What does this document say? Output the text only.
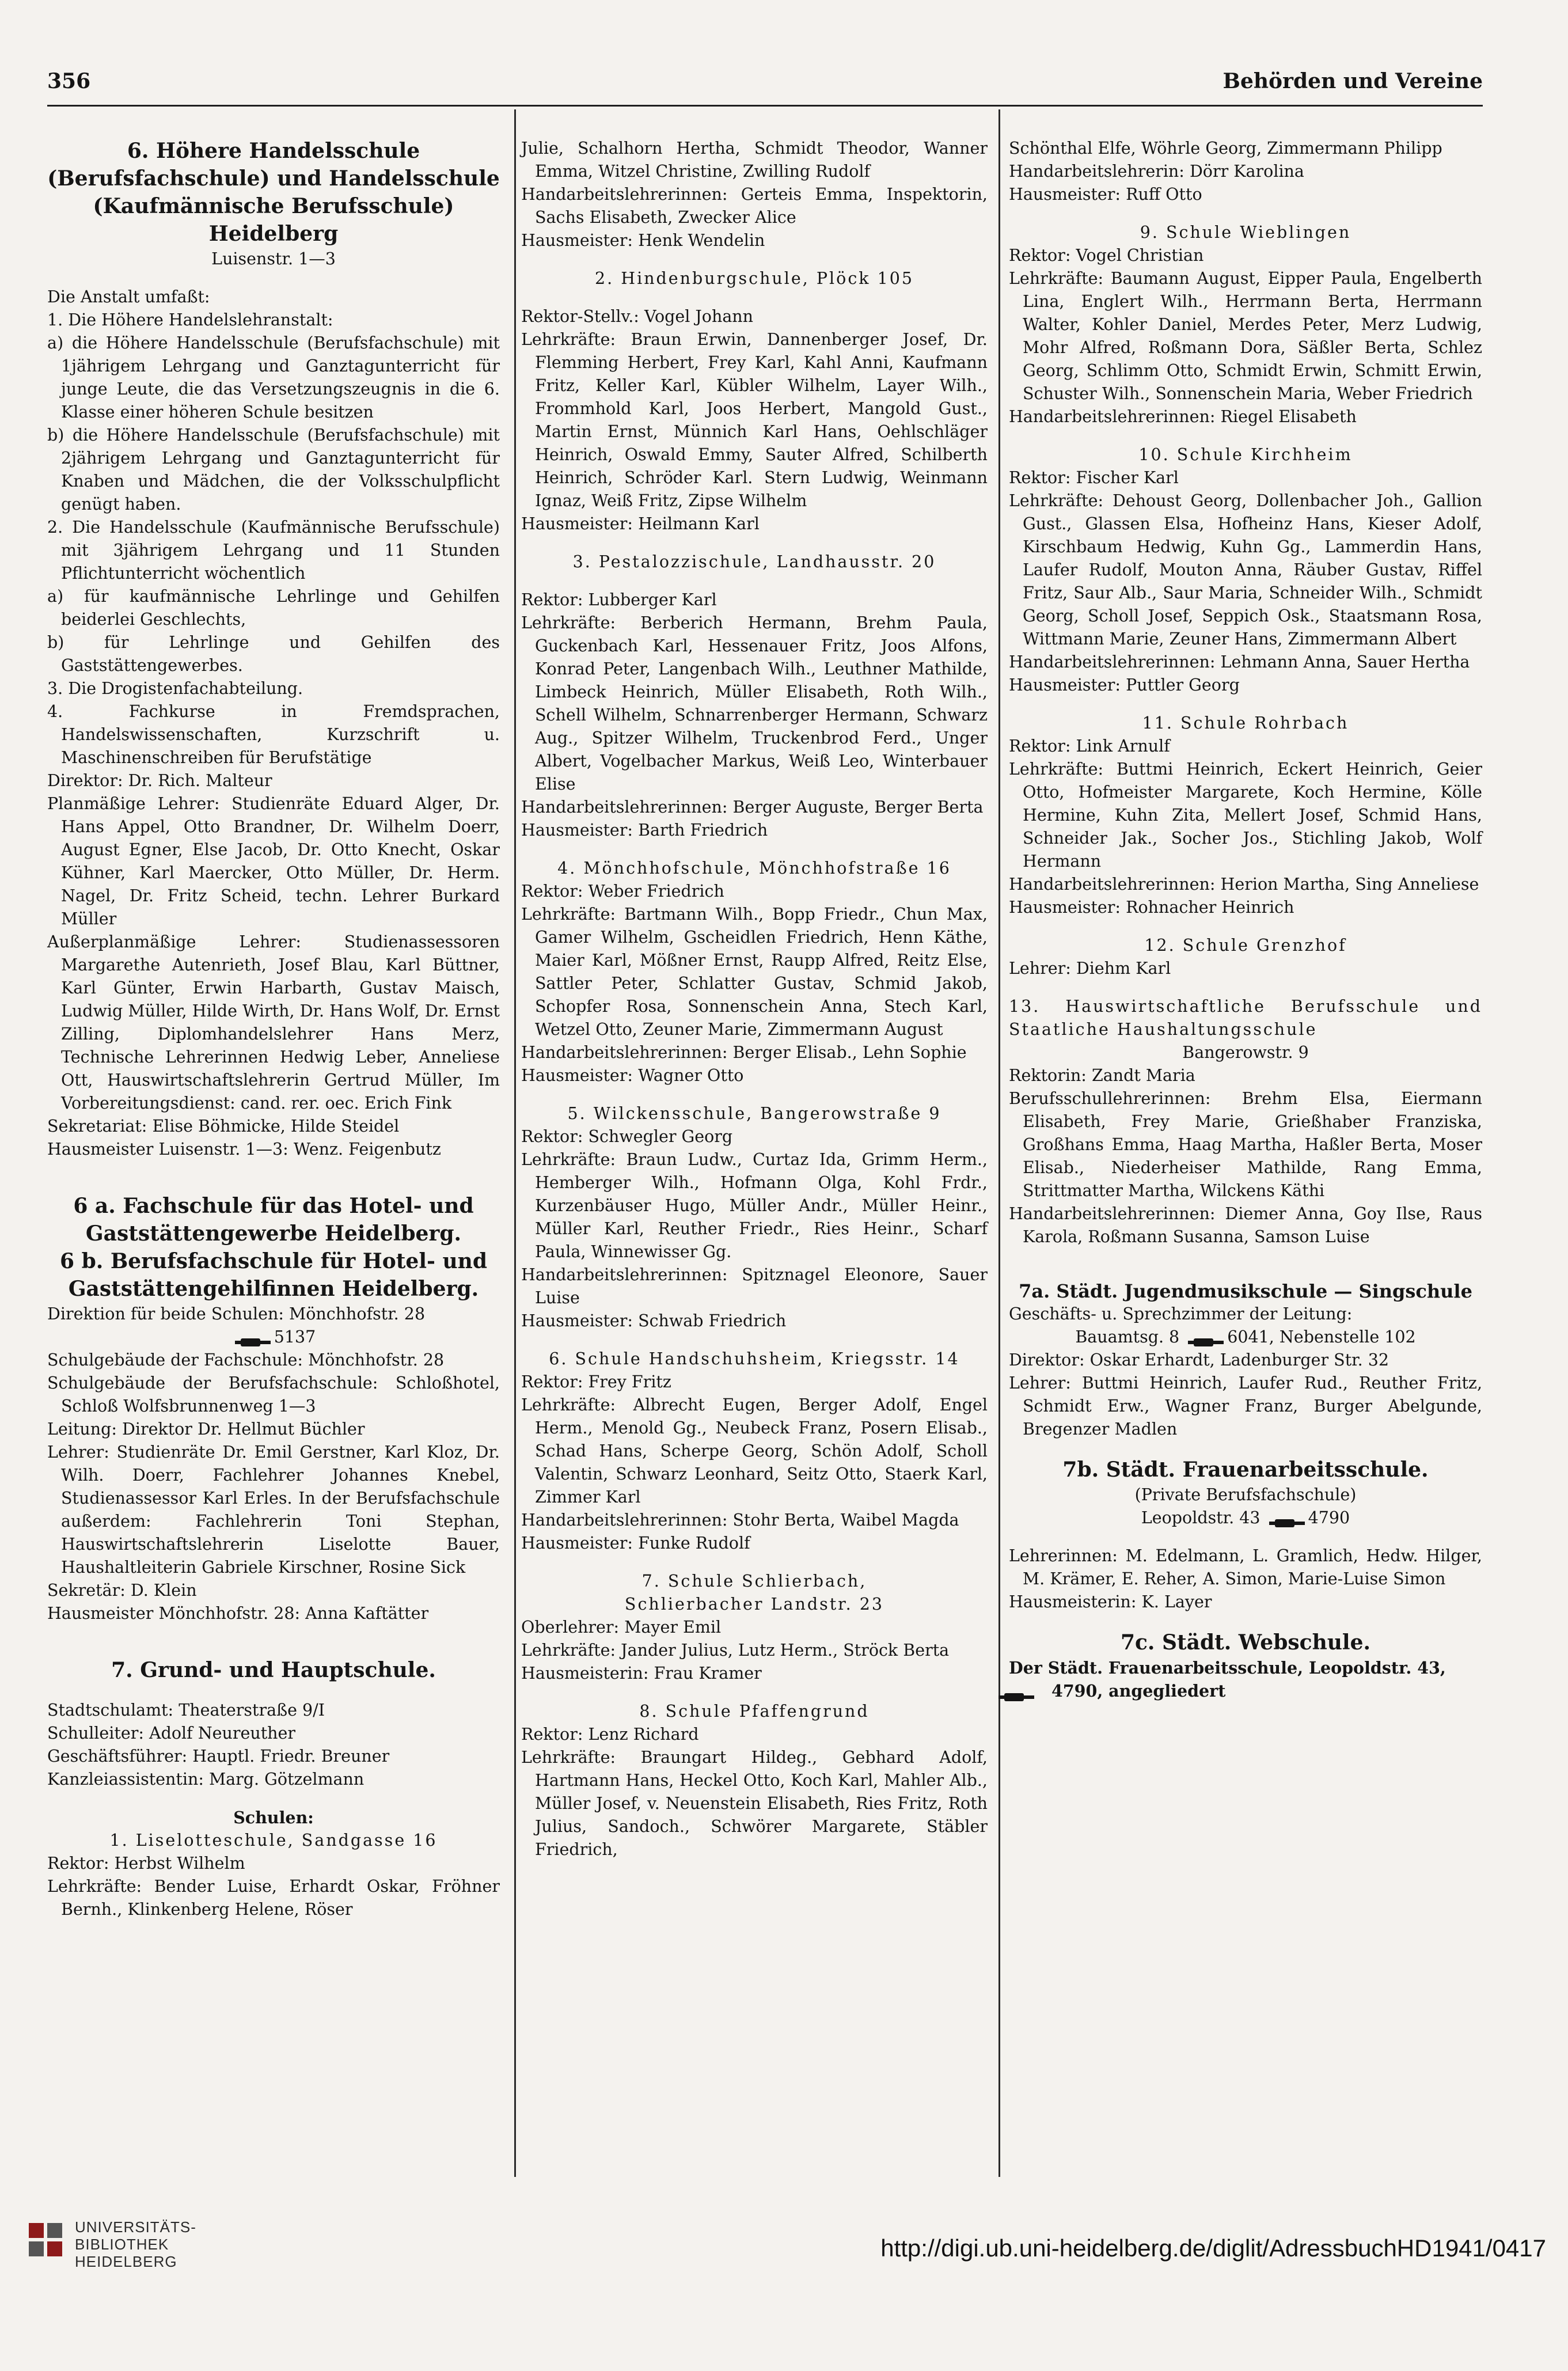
356	Behörden und Vereine

6. Höhere Handelsschule (Berufsfachschule) und Handelsschule (Kaufmännische Berufsschule) Heidelberg

Luisenstr. 1—3

Die Anstalt umfaßt:

1. Die Höhere Handelslehranstalt:

a) die Höhere Handelsschule (Berufsfachschule) mit 1jährigem Lehrgang und Ganztagunterricht für junge Leute, die das Versetzungszeugnis in die 6. Klasse einer höheren Schule besitzen

b) die Höhere Handelsschule (Berufsfachschule) mit 2jährigem Lehrgang und Ganztagunterricht für Knaben und Mädchen, die der Volksschulpflicht genügt haben.

2. Die Handelsschule (Kaufmännische Berufsschule) mit 3jährigem Lehrgang und 11 Stunden Pflichtunterricht wöchentlich

a) für kaufmännische Lehrlinge und Gehilfen beiderlei Geschlechts,

b) für Lehrlinge und Gehilfen des Gaststättengewerbes.

3. Die Drogistenfachabteilung.

4. Fachkurse in Fremdsprachen, Handelswissenschaften, Kurzschrift u. Maschinenschreiben für Berufstätige

Direktor: Dr. Rich. Malteur

Planmäßige Lehrer: Studienräte Eduard Alger, Dr. Hans Appel, Otto Brandner, Dr. Wilhelm Doerr, August Egner, Else Jacob, Dr. Otto Knecht, Oskar Kühner, Karl Maercker, Otto Müller, Dr. Herm. Nagel, Dr. Fritz Scheid, techn. Lehrer Burkard Müller

Außerplanmäßige Lehrer: Studienassessoren Margarethe Autenrieth, Josef Blau, Karl Büttner, Karl Günter, Erwin Harbarth, Gustav Maisch, Ludwig Müller, Hilde Wirth, Dr. Hans Wolf, Dr. Ernst Zilling, Diplomhandelslehrer Hans Merz, Technische Lehrerinnen Hedwig Leber, Anneliese Ott, Hauswirtschaftslehrerin Gertrud Müller, Im Vorbereitungsdienst: cand. rer. oec. Erich Fink

Sekretariat: Elise Böhmicke, Hilde Steidel

Hausmeister Luisenstr. 1—3: Wenz. Feigenbutz

6 a. Fachschule für das Hotel- und Gaststättengewerbe Heidelberg.

6 b. Berufsfachschule für Hotel- und Gaststättengehilfinnen Heidelberg.

Direktion für beide Schulen: Mönchhofstr. 28

5137

Schulgebäude der Fachschule: Mönchhofstr. 28

Schulgebäude der Berufsfachschule: Schloßhotel, Schloß Wolfsbrunnenweg 1—3

Leitung: Direktor Dr. Hellmut Büchler

Lehrer: Studienräte Dr. Emil Gerstner, Karl Kloz, Dr. Wilh. Doerr, Fachlehrer Johannes Knebel, Studienassessor Karl Erles. In der Berufsfachschule außerdem: Fachlehrerin Toni Stephan, Hauswirtschaftslehrerin Liselotte Bauer, Haushaltleiterin Gabriele Kirschner, Rosine Sick

Sekretär: D. Klein

Hausmeister Mönchhofstr. 28: Anna Kaftätter

7. Grund- und Hauptschule.

Stadtschulamt: Theaterstraße 9/I

Schulleiter: Adolf Neureuther

Geschäftsführer: Hauptl. Friedr. Breuner

Kanzleiassistentin: Marg. Götzelmann

Schulen:

1. Liselotteschule, Sandgasse 16

Rektor: Herbst Wilhelm

Lehrkräfte: Bender Luise, Erhardt Oskar, Fröhner Bernh., Klinkenberg Helene, Röser

Julie, Schalhorn Hertha, Schmidt Theodor, Wanner Emma, Witzel Christine, Zwilling Rudolf

Handarbeitslehrerinnen: Gerteis Emma, Inspektorin, Sachs Elisabeth, Zwecker Alice

Hausmeister: Henk Wendelin

2. Hindenburgschule, Plöck 105

Rektor-Stellv.: Vogel Johann

Lehrkräfte: Braun Erwin, Dannenberger Josef, Dr. Flemming Herbert, Frey Karl, Kahl Anni, Kaufmann Fritz, Keller Karl, Kübler Wilhelm, Layer Wilh., Frommhold Karl, Joos Herbert, Mangold Gust., Martin Ernst, Münnich Karl Hans, Oehlschläger Heinrich, Oswald Emmy, Sauter Alfred, Schilberth Heinrich, Schröder Karl. Stern Ludwig, Weinmann Ignaz, Weiß Fritz, Zipse Wilhelm

Hausmeister: Heilmann Karl

3. Pestalozzischule, Landhausstr. 20

Rektor: Lubberger Karl

Lehrkräfte: Berberich Hermann, Brehm Paula, Guckenbach Karl, Hessenauer Fritz, Joos Alfons, Konrad Peter, Langenbach Wilh., Leuthner Mathilde, Limbeck Heinrich, Müller Elisabeth, Roth Wilh., Schell Wilhelm, Schnarrenberger Hermann, Schwarz Aug., Spitzer Wilhelm, Truckenbrod Ferd., Unger Albert, Vogelbacher Markus, Weiß Leo, Winterbauer Elise

Handarbeitslehrerinnen: Berger Auguste, Berger Berta

Hausmeister: Barth Friedrich

4. Mönchhofschule, Mönchhofstraße 16

Rektor: Weber Friedrich

Lehrkräfte: Bartmann Wilh., Bopp Friedr., Chun Max, Gamer Wilhelm, Gscheidlen Friedrich, Henn Käthe, Maier Karl, Mößner Ernst, Raupp Alfred, Reitz Else, Sattler Peter, Schlatter Gustav, Schmid Jakob, Schopfer Rosa, Sonnenschein Anna, Stech Karl, Wetzel Otto, Zeuner Marie, Zimmermann August

Handarbeitslehrerinnen: Berger Elisab., Lehn Sophie

Hausmeister: Wagner Otto

5. Wilckensschule, Bangerowstraße 9

Rektor: Schwegler Georg

Lehrkräfte: Braun Ludw., Curtaz Ida, Grimm Herm., Hemberger Wilh., Hofmann Olga, Kohl Frdr., Kurzenbäuser Hugo, Müller Andr., Müller Heinr., Müller Karl, Reuther Friedr., Ries Heinr., Scharf Paula, Winnewisser Gg.

Handarbeitslehrerinnen: Spitznagel Eleonore, Sauer Luise

Hausmeister: Schwab Friedrich

6. Schule Handschuhsheim, Kriegsstr. 14

Rektor: Frey Fritz

Lehrkräfte: Albrecht Eugen, Berger Adolf, Engel Herm., Menold Gg., Neubeck Franz, Posern Elisab., Schad Hans, Scherpe Georg, Schön Adolf, Scholl Valentin, Schwarz Leonhard, Seitz Otto, Staerk Karl, Zimmer Karl

Handarbeitslehrerinnen: Stohr Berta, Waibel Magda

Hausmeister: Funke Rudolf

7. Schule Schlierbach,

Schlierbacher Landstr. 23

Oberlehrer: Mayer Emil

Lehrkräfte: Jander Julius, Lutz Herm., Ströck Berta

Hausmeisterin: Frau Kramer

8. Schule Pfaffengrund

Rektor: Lenz Richard

Lehrkräfte: Braungart Hildeg., Gebhard Adolf, Hartmann Hans, Heckel Otto, Koch Karl, Mahler Alb., Müller Josef, v. Neuenstein Elisabeth, Ries Fritz, Roth Julius, Sandoch., Schwörer Margarete, Stäbler Friedrich,

Schönthal Elfe, Wöhrle Georg, Zimmermann Philipp

Handarbeitslehrerin: Dörr Karolina

Hausmeister: Ruff Otto

9. Schule Wieblingen

Rektor: Vogel Christian

Lehrkräfte: Baumann August, Eipper Paula, Engelberth Lina, Englert Wilh., Herrmann Berta, Herrmann Walter, Kohler Daniel, Merdes Peter, Merz Ludwig, Mohr Alfred, Roßmann Dora, Säßler Berta, Schlez Georg, Schlimm Otto, Schmidt Erwin, Schmitt Erwin, Schuster Wilh., Sonnenschein Maria, Weber Friedrich

Handarbeitslehrerinnen: Riegel Elisabeth

10. Schule Kirchheim

Rektor: Fischer Karl

Lehrkräfte: Dehoust Georg, Dollenbacher Joh., Gallion Gust., Glassen Elsa, Hofheinz Hans, Kieser Adolf, Kirschbaum Hedwig, Kuhn Gg., Lammerdin Hans, Laufer Rudolf, Mouton Anna, Räuber Gustav, Riffel Fritz, Saur Alb., Saur Maria, Schneider Wilh., Schmidt Georg, Scholl Josef, Seppich Osk., Staatsmann Rosa, Wittmann Marie, Zeuner Hans, Zimmermann Albert

Handarbeitslehrerinnen: Lehmann Anna, Sauer Hertha

Hausmeister: Puttler Georg

11. Schule Rohrbach

Rektor: Link Arnulf

Lehrkräfte: Buttmi Heinrich, Eckert Heinrich, Geier Otto, Hofmeister Margarete, Koch Hermine, Kölle Hermine, Kuhn Zita, Mellert Josef, Schmid Hans, Schneider Jak., Socher Jos., Stichling Jakob, Wolf Hermann

Handarbeitslehrerinnen: Herion Martha, Sing Anneliese

Hausmeister: Rohnacher Heinrich

12. Schule Grenzhof

Lehrer: Diehm Karl

13. Hauswirtschaftliche Berufsschule und Staatliche Haushaltungsschule

Bangerowstr. 9

Rektorin: Zandt Maria

Berufsschullehrerinnen: Brehm Elsa, Eiermann Elisabeth, Frey Marie, Grießhaber Franziska, Großhans Emma, Haag Martha, Haßler Berta, Moser Elisab., Niederheiser Mathilde, Rang Emma, Strittmatter Martha, Wilckens Käthi

Handarbeitslehrerinnen: Diemer Anna, Goy Ilse, Raus Karola, Roßmann Susanna, Samson Luise

7a. Städt. Jugendmusikschule — Singschule

Geschäfts- u. Sprechzimmer der Leitung:

Bauamtsg. 8	6041, Nebenstelle 102

Direktor: Oskar Erhardt, Ladenburger Str. 32

Lehrer: Buttmi Heinrich, Laufer Rud., Reuther Fritz, Schmidt Erw., Wagner Franz, Burger Abelgunde, Bregenzer Madlen

7b. Städt. Frauenarbeitsschule.

(Private Berufsfachschule)

Leopoldstr. 43	4790

Lehrerinnen: M. Edelmann, L. Gramlich, Hedw. Hilger, M. Krämer, E. Reher, A. Simon, Marie-Luise Simon

Hausmeisterin: K. Layer

7c. Städt. Webschule.

Der Städt. Frauenarbeitsschule, Leopoldstr. 43,

4790, angegliedert

UNIVERSITÄTS-
BIBLIOTHEK
HEIDELBERG	http://digi.ub.uni-heidelberg.de/diglit/AdressbuchHD1941/0417
